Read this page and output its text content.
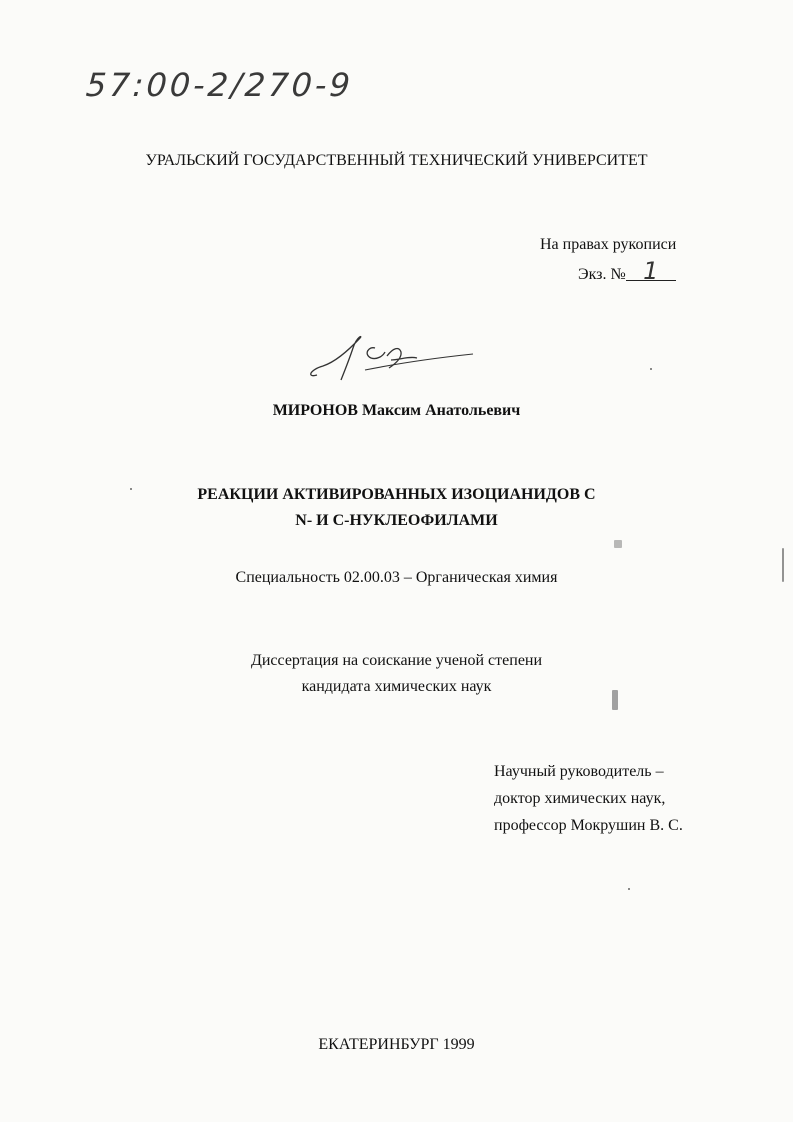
57:00-2/270-9
УРАЛЬСКИЙ ГОСУДАРСТВЕННЫЙ ТЕХНИЧЕСКИЙ УНИВЕРСИТЕТ
На правах рукописи
Экз. № 1
МИРОНОВ Максим Анатольевич
РЕАКЦИИ АКТИВИРОВАННЫХ ИЗОЦИАНИДОВ С
N- И С-НУКЛЕОФИЛАМИ
Специальность 02.00.03 – Органическая химия
Диссертация на соискание ученой степени
кандидата химических наук
Научный руководитель –
доктор химических наук,
профессор Мокрушин В. С.
ЕКАТЕРИНБУРГ 1999
